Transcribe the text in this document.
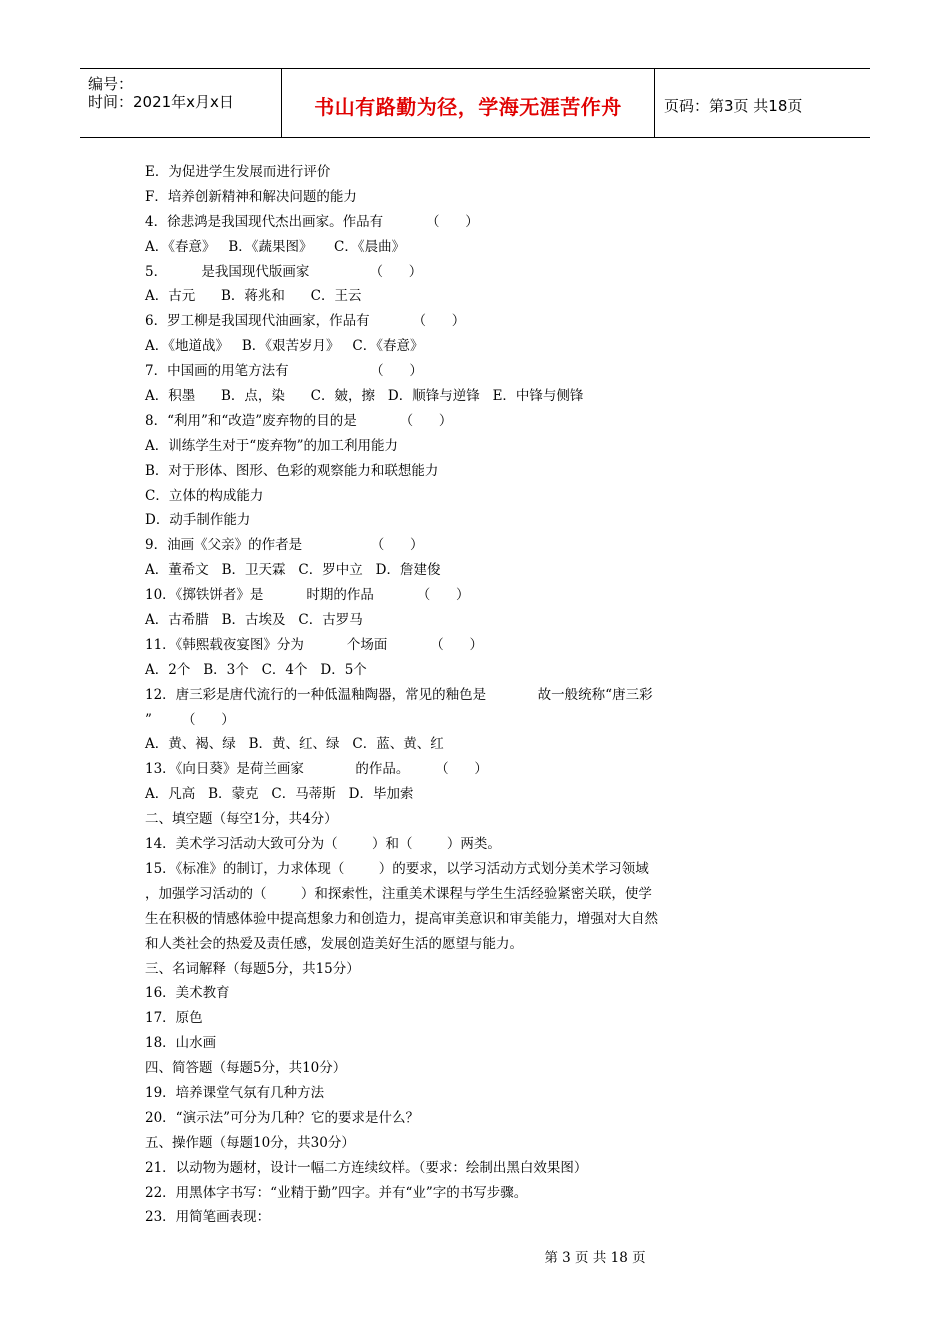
编号：
时间：2021年x月x日	书山有路勤为径，学海无涯苦作舟	页码：第3页 共18页
E．为促进学生发展而进行评价
F．培养创新精神和解决问题的能力
4．徐悲鸿是我国现代杰出画家。作品有          （      ）
A．《春意》   B．《蔬果图》     C．《晨曲》
5．        是我国现代版画家              （      ）
A．古元      B．蒋兆和      C．王云
6．罗工柳是我国现代油画家，作品有          （      ）
A．《地道战》   B．《艰苦岁月》   C．《春意》
7．中国画的用笔方法有                   （      ）
A．积墨      B．点，染      C．皴，擦   D．顺锋与逆锋   E．中锋与侧锋
8．“利用”和“改造”废弃物的目的是          （      ）
A．训练学生对于“废弃物”的加工利用能力
B．对于形体、图形、色彩的观察能力和联想能力
C．立体的构成能力
D．动手制作能力
9．油画《父亲》的作者是                （      ）
A．董希文   B．卫天霖   C．罗中立   D．詹建俊
10．《掷铁饼者》是          时期的作品          （      ）
A．古希腊   B．古埃及   C．古罗马
11．《韩熙载夜宴图》分为          个场面          （      ）
A．2个   B．3个   C．4个   D．5个
12．唐三彩是唐代流行的一种低温釉陶器，常见的釉色是            故一般统称“唐三彩
”       （      ）
A．黄、褐、绿   B．黄、红、绿   C．蓝、黄、红
13．《向日葵》是荷兰画家            的作品。      （      ）
A．凡高   B．蒙克   C．马蒂斯   D．毕加索
二、填空题（每空1分，共4分）
14．美术学习活动大致可分为（        ）和（        ）两类。
15．《标准》的制订，力求体现（        ）的要求，以学习活动方式划分美术学习领域
，加强学习活动的（        ）和探索性，注重美术课程与学生生活经验紧密关联，使学
生在积极的情感体验中提高想象力和创造力，提高审美意识和审美能力，增强对大自然
和人类社会的热爱及责任感，发展创造美好生活的愿望与能力。
三、名词解释（每题5分，共15分）
16．美术教育
17．原色
18．山水画
四、简答题（每题5分，共10分）
19．培养课堂气氛有几种方法
20．“演示法”可分为几种？它的要求是什么？
五、操作题（每题10分，共30分）
21．以动物为题材，设计一幅二方连续纹样。（要求：绘制出黑白效果图）
22．用黑体字书写：“业精于勤”四字。并有“业”字的书写步骤。
23．用简笔画表现：
第 3 页 共 18 页
